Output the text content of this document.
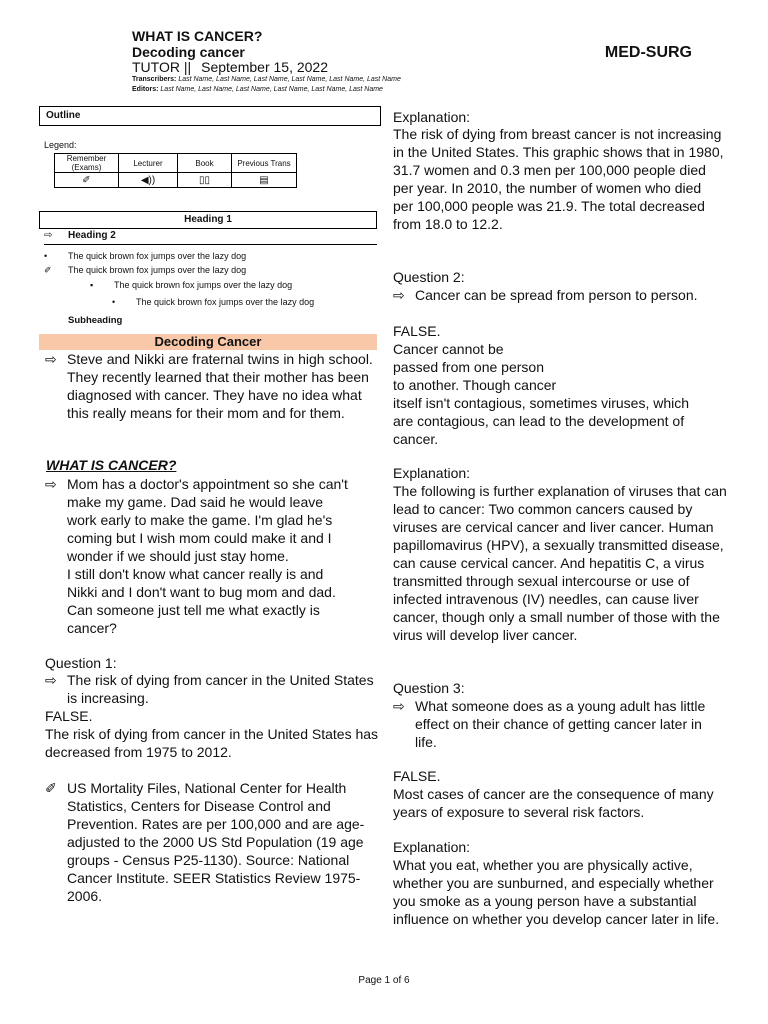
WHAT IS CANCER?
Decoding cancer
TUTOR || September 15, 2022
Transcribers: Last Name, Last Name, Last Name, Last Name, Last Name, Last Name
Editors: Last Name, Last Name, Last Name, Last Name, Last Name, Last Name
MED-SURG
Outline
Legend:
Remember (Exams)	Lecturer	Book	Previous Trans
✐	◀))	▯▯	▤
Heading 1
⇨ Heading 2
• The quick brown fox jumps over the lazy dog
✐ The quick brown fox jumps over the lazy dog
▪ The quick brown fox jumps over the lazy dog
• The quick brown fox jumps over the lazy dog
Subheading
Decoding Cancer
⇨ Steve and Nikki are fraternal twins in high school. They recently learned that their mother has been diagnosed with cancer. They have no idea what this really means for their mom and for them.
WHAT IS CANCER?
⇨ Mom has a doctor's appointment so she can't
make my game. Dad said he would leave
work early to make the game. I'm glad he's
coming but I wish mom could make it and I
wonder if we should just stay home.
I still don't know what cancer really is and
Nikki and I don't want to bug mom and dad.
Can someone just tell me what exactly is
cancer?
Question 1:
⇨ The risk of dying from cancer in the United States is increasing.
FALSE.
The risk of dying from cancer in the United States has decreased from 1975 to 2012.
✐ US Mortality Files, National Center for Health Statistics, Centers for Disease Control and Prevention. Rates are per 100,000 and are age-adjusted to the 2000 US Std Population (19 age groups - Census P25-1130). Source: National Cancer Institute. SEER Statistics Review 1975-2006.
Explanation:
The risk of dying from breast cancer is not increasing in the United States. This graphic shows that in 1980, 31.7 women and 0.3 men per 100,000 people died per year. In 2010, the number of women who died per 100,000 people was 21.9. The total decreased from 18.0 to 12.2.
Question 2:
⇨ Cancer can be spread from person to person.
FALSE.
Cancer cannot be
passed from one person
to another. Though cancer
itself isn't contagious, sometimes viruses, which
are contagious, can lead to the development of
cancer.
Explanation:
The following is further explanation of viruses that can lead to cancer: Two common cancers caused by viruses are cervical cancer and liver cancer. Human papillomavirus (HPV), a sexually transmitted disease, can cause cervical cancer. And hepatitis C, a virus transmitted through sexual intercourse or use of infected intravenous (IV) needles, can cause liver cancer, though only a small number of those with the virus will develop liver cancer.
Question 3:
⇨ What someone does as a young adult has little effect on their chance of getting cancer later in life.
FALSE.
Most cases of cancer are the consequence of many years of exposure to several risk factors.
Explanation:
What you eat, whether you are physically active, whether you are sunburned, and especially whether you smoke as a young person have a substantial influence on whether you develop cancer later in life.
Page 1 of 6
